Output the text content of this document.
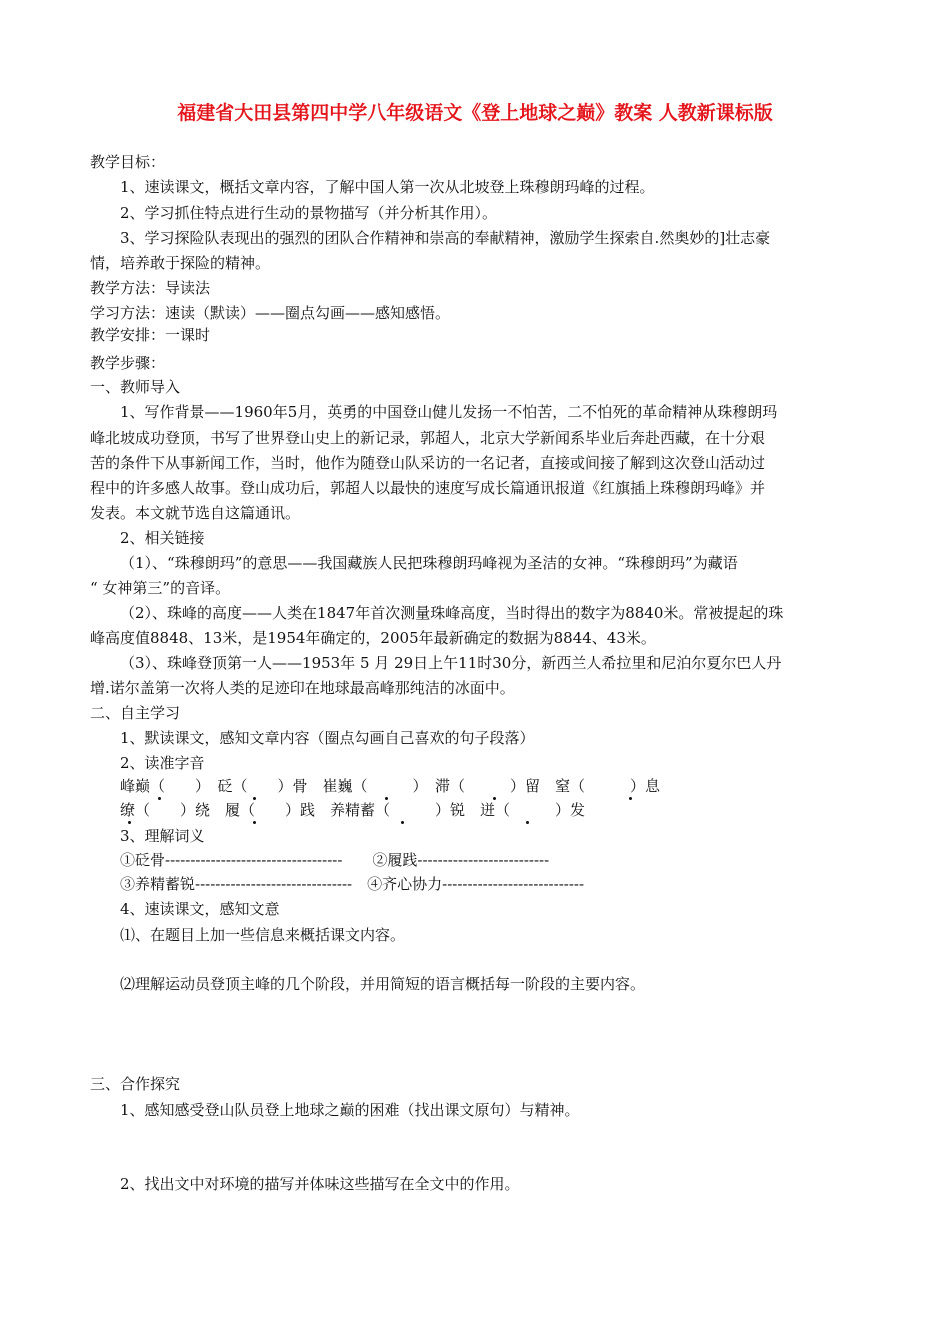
福建省大田县第四中学八年级语文《登上地球之巅》教案 人教新课标版
教学目标：
1、速读课文，概括文章内容，了解中国人第一次从北坡登上珠穆朗玛峰的过程。
2、学习抓住特点进行生动的景物描写（并分析其作用）。
3、学习探险队表现出的强烈的团队合作精神和崇高的奉献精神，激励学生探索自.然奥妙的]壮志豪
情，培养敢于探险的精神。
教学方法：导读法
学习方法：速读（默读）——圈点勾画——感知感悟。
教学安排：一课时
教学步骤：
一、教师导入
1、写作背景——1960年5月，英勇的中国登山健儿发扬一不怕苦，二不怕死的革命精神从珠穆朗玛
峰北坡成功登顶，书写了世界登山史上的新记录，郭超人，北京大学新闻系毕业后奔赴西藏，在十分艰
苦的条件下从事新闻工作，当时，他作为随登山队采访的一名记者，直接或间接了解到这次登山活动过
程中的许多感人故事。登山成功后，郭超人以最快的速度写成长篇通讯报道《红旗插上珠穆朗玛峰》并
发表。本文就节选自这篇通讯。
2、相关链接
（1）、“珠穆朗玛”的意思——我国藏族人民把珠穆朗玛峰视为圣洁的女神。“珠穆朗玛”为藏语
“ 女神第三”的音译。
（2）、珠峰的高度——人类在1847年首次测量珠峰高度，当时得出的数字为8840米。常被提起的珠
峰高度值8848、13米，是1954年确定的，2005年最新确定的数据为8844、43米。
（3）、珠峰登顶第一人——1953年 5 月 29日上午11时30分，新西兰人希拉里和尼泊尔夏尔巴人丹
增.诺尔盖第一次将人类的足迹印在地球最高峰那纯洁的冰面中。
二、自主学习
1、默读课文，感知文章内容（圈点勾画自己喜欢的句子段落）
2、读准字音
峰巅（　　）　砭（　　）骨　崔巍（　　　）　滞（　　　）留　窒（　　　）息
缭（　　）绕　履（　　）践　养精蓄（　　　）锐　迸（　　　）发
3、理解词义
①砭骨-----------------------------------　　②履践--------------------------
③养精蓄锐-------------------------------　④齐心协力----------------------------
4、速读课文，感知文意
⑴、在题目上加一些信息来概括课文内容。
⑵理解运动员登顶主峰的几个阶段，并用简短的语言概括每一阶段的主要内容。
三、合作探究
1、感知感受登山队员登上地球之巅的困难（找出课文原句）与精神。
2、找出文中对环境的描写并体味这些描写在全文中的作用。
